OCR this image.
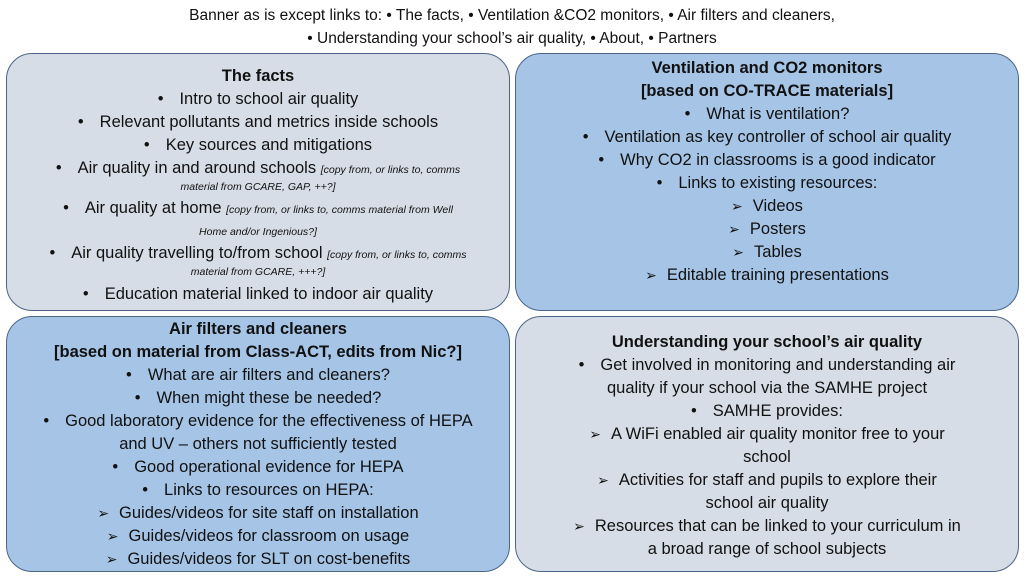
Banner as is except links to: • The facts, • Ventilation &CO2 monitors, • Air filters and cleaners,
• Understanding your school’s air quality, • About, • Partners
The facts
• Intro to school air quality
• Relevant pollutants and metrics inside schools
• Key sources and mitigations
• Air quality in and around schools [copy from, or links to, comms
material from GCARE, GAP, ++?]
• Air quality at home [copy from, or links to, comms material from Well
Home and/or Ingenious?]
• Air quality travelling to/from school [copy from, or links to, comms
material from GCARE, +++?]
• Education material linked to indoor air quality
Ventilation and CO2 monitors
[based on CO-TRACE materials]
• What is ventilation?
• Ventilation as key controller of school air quality
• Why CO2 in classrooms is a good indicator
• Links to existing resources:
➢ Videos
➢ Posters
➢ Tables
➢ Editable training presentations
Air filters and cleaners
[based on material from Class-ACT, edits from Nic?]
• What are air filters and cleaners?
• When might these be needed?
• Good laboratory evidence for the effectiveness of HEPA
and UV – others not sufficiently tested
• Good operational evidence for HEPA
• Links to resources on HEPA:
➢ Guides/videos for site staff on installation
➢ Guides/videos for classroom on usage
➢ Guides/videos for SLT on cost-benefits
Understanding your school’s air quality
• Get involved in monitoring and understanding air
quality if your school via the SAMHE project
• SAMHE provides:
➢ A WiFi enabled air quality monitor free to your
school
➢ Activities for staff and pupils to explore their
school air quality
➢ Resources that can be linked to your curriculum in
a broad range of school subjects
